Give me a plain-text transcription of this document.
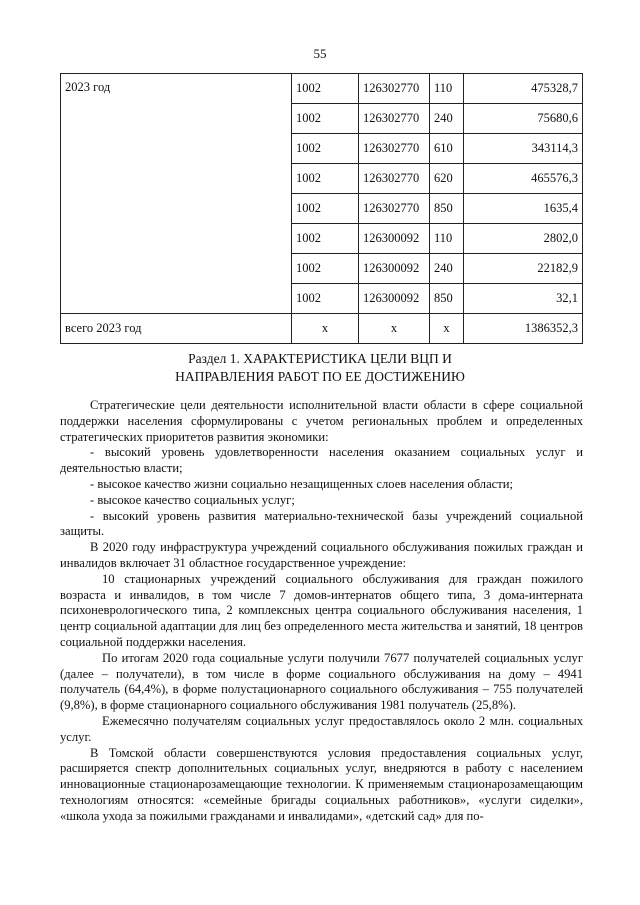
55
2023 год	1002	126302770	110	475328,7
	1002	126302770	240	75680,6
	1002	126302770	610	343114,3
	1002	126302770	620	465576,3
	1002	126302770	850	1635,4
	1002	126300092	110	2802,0
	1002	126300092	240	22182,9
	1002	126300092	850	32,1
всего 2023 год	х	х	х	1386352,3
Раздел 1. ХАРАКТЕРИСТИКА ЦЕЛИ ВЦП И
НАПРАВЛЕНИЯ РАБОТ ПО ЕЕ ДОСТИЖЕНИЮ

Стратегические цели деятельности исполнительной власти области в сфере социальной поддержки населения сформулированы с учетом региональных проблем и определенных стратегических приоритетов развития экономики:

- высокий уровень удовлетворенности населения оказанием социальных услуг и деятельностью власти;

- высокое качество жизни социально незащищенных слоев населения области;

- высокое качество социальных услуг;

- высокий уровень развития материально-технической базы учреждений социальной защиты.

В 2020 году инфраструктура учреждений социального обслуживания пожилых граждан и инвалидов включает 31 областное государственное учреждение:

10 стационарных учреждений социального обслуживания для граждан пожилого возраста и инвалидов, в том числе 7 домов-интернатов общего типа, 3 дома-интерната психоневрологического типа, 2 комплексных центра социального обслуживания населения, 1 центр социальной адаптации для лиц без определенного места жительства и занятий, 18 центров социальной поддержки населения.

По итогам 2020 года социальные услуги получили 7677 получателей социальных услуг (далее – получатели), в том числе в форме социального обслуживания на дому – 4941 получатель (64,4%), в форме полустационарного социального обслуживания – 755 получателей (9,8%), в форме стационарного социального обслуживания 1981 получатель (25,8%).

Ежемесячно получателям социальных услуг предоставлялось около 2 млн. социальных услуг.

В Томской области совершенствуются условия предоставления социальных услуг, расширяется спектр дополнительных социальных услуг, внедряются в работу с населением инновационные стационарозамещающие технологии. К применяемым стационарозамещающим технологиям относятся: «семейные бригады социальных работников», «услуги сиделки», «школа ухода за пожилыми гражданами и инвалидами», «детский сад» для по-
